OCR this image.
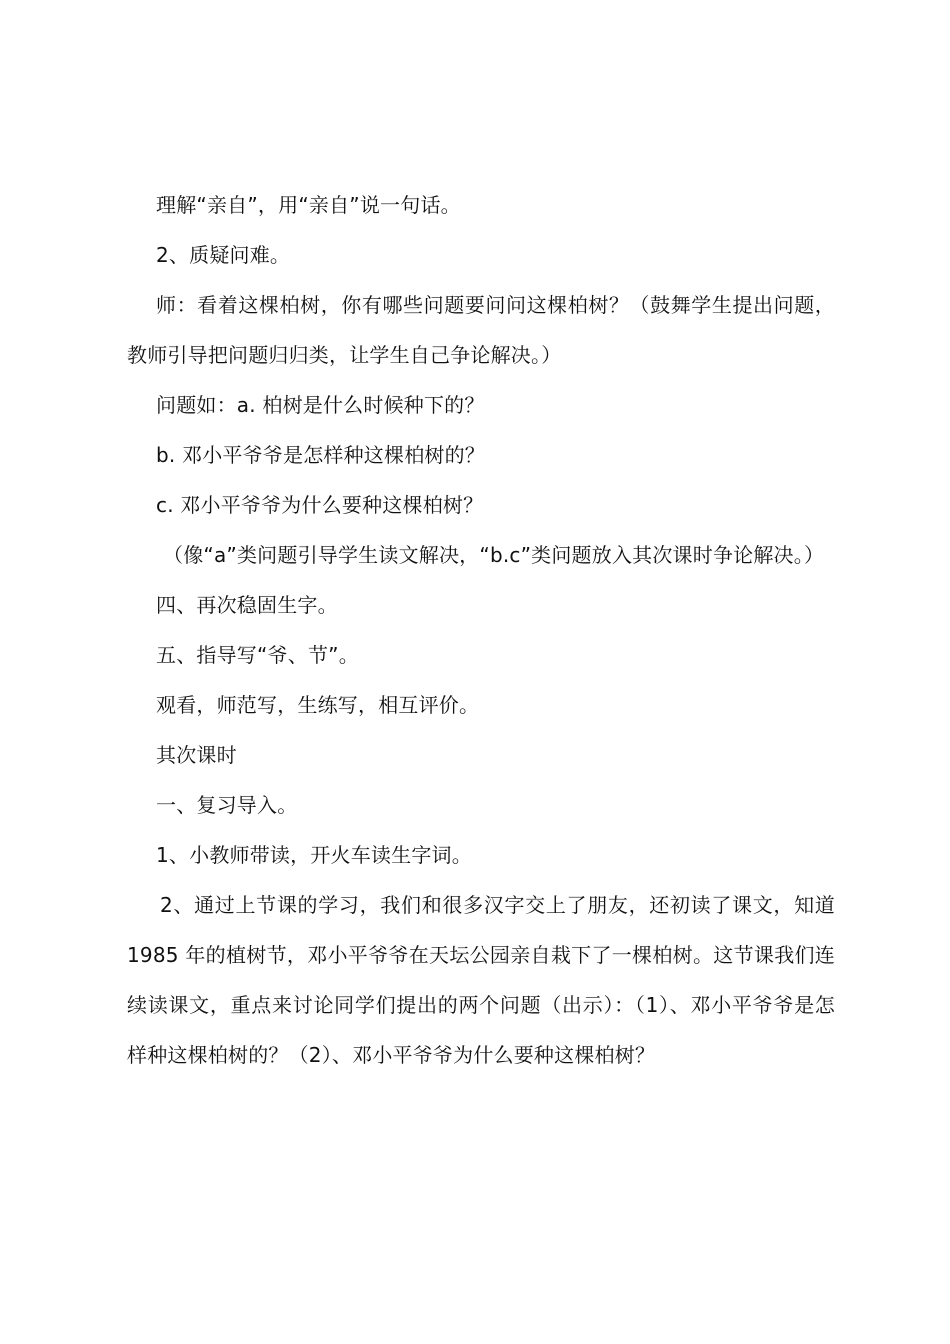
理解“亲自”，用“亲自”说一句话。

2、质疑问难。

师：看着这棵柏树，你有哪些问题要问问这棵柏树？（鼓舞学生提出问题，教师引导把问题归归类，让学生自己争论解决。）

问题如：a. 柏树是什么时候种下的？

b. 邓小平爷爷是怎样种这棵柏树的？

c. 邓小平爷爷为什么要种这棵柏树？

（像“a”类问题引导学生读文解决，“b.c”类问题放入其次课时争论解决。）

四、再次稳固生字。

五、指导写“爷、节”。

观看，师范写，生练写，相互评价。

其次课时

一、复习导入。

1、小教师带读，开火车读生字词。

2、通过上节课的学习，我们和很多汉字交上了朋友，还初读了课文，知道 1985 年的植树节，邓小平爷爷在天坛公园亲自栽下了一棵柏树。这节课我们连续读课文，重点来讨论同学们提出的两个问题（出示）：（1）、邓小平爷爷是怎样种这棵柏树的？（2）、邓小平爷爷为什么要种这棵柏树？
